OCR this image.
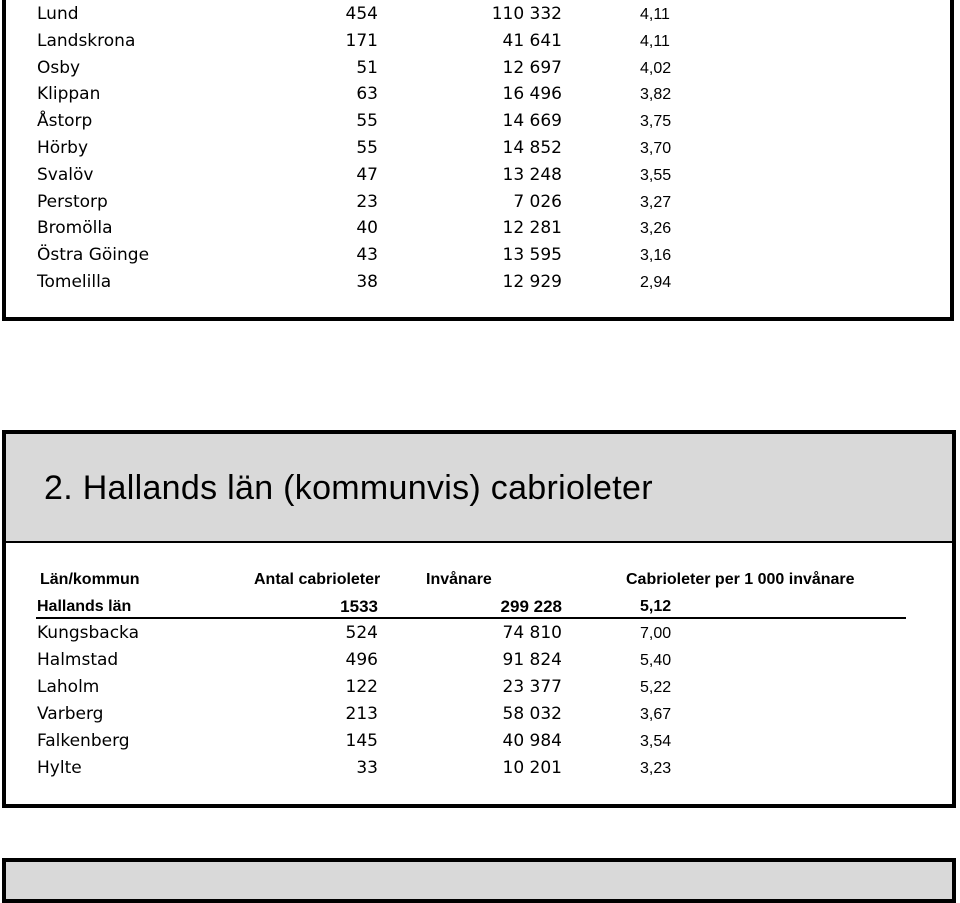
Lund	454	110 332	4,11
Landskrona	171	41 641	4,11
Osby	51	12 697	4,02
Klippan	63	16 496	3,82
Åstorp	55	14 669	3,75
Hörby	55	14 852	3,70
Svalöv	47	13 248	3,55
Perstorp	23	7 026	3,27
Bromölla	40	12 281	3,26
Östra Göinge	43	13 595	3,16
Tomelilla	38	12 929	2,94
2. Hallands län (kommunvis) cabrioleter
Län/kommun	Antal cabrioleter	Invånare	Cabrioleter per 1 000 invånare
Hallands län	1533	299 228	5,12
Kungsbacka	524	74 810	7,00
Halmstad	496	91 824	5,40
Laholm	122	23 377	5,22
Varberg	213	58 032	3,67
Falkenberg	145	40 984	3,54
Hylte	33	10 201	3,23
